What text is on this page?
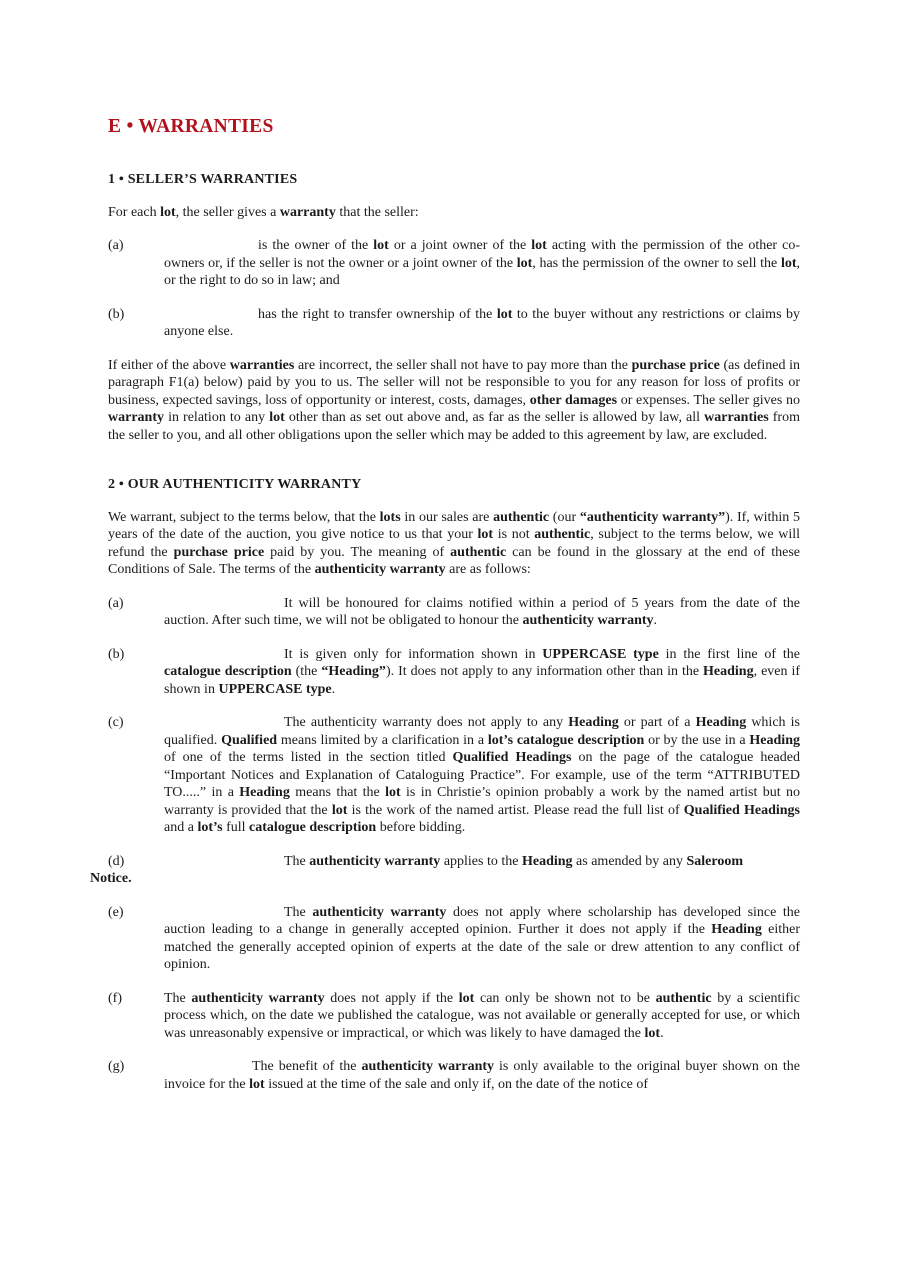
E • WARRANTIES
1 • SELLER’S WARRANTIES

For each lot, the seller gives a warranty that the seller:

(a)	is the owner of the lot or a joint owner of the lot acting with the permission of the other co-owners or, if the seller is not the owner or a joint owner of the lot, has the permission of the owner to sell the lot, or the right to do so in law; and
(b)	has the right to transfer ownership of the lot to the buyer without any restrictions or claims by anyone else.

If either of the above warranties are incorrect, the seller shall not have to pay more than the purchase price (as defined in paragraph F1(a) below) paid by you to us. The seller will not be responsible to you for any reason for loss of profits or business, expected savings, loss of opportunity or interest, costs, damages, other damages or expenses. The seller gives no warranty in relation to any lot other than as set out above and, as far as the seller is allowed by law, all warranties from the seller to you, and all other obligations upon the seller which may be added to this agreement by law, are excluded.

2 • OUR AUTHENTICITY WARRANTY

We warrant, subject to the terms below, that the lots in our sales are authentic (our “authenticity warranty”). If, within 5 years of the date of the auction, you give notice to us that your lot is not authentic, subject to the terms below, we will refund the purchase price paid by you. The meaning of authentic can be found in the glossary at the end of these Conditions of Sale. The terms of the authenticity warranty are as follows:

(a)	It will be honoured for claims notified within a period of 5 years from the date of the auction. After such time, we will not be obligated to honour the authenticity warranty.
(b)	It is given only for information shown in UPPERCASE type in the first line of the catalogue description (the “Heading”). It does not apply to any information other than in the Heading, even if shown in UPPERCASE type.
(c)	The authenticity warranty does not apply to any Heading or part of a Heading which is qualified. Qualified means limited by a clarification in a lot’s catalogue description or by the use in a Heading of one of the terms listed in the section titled Qualified Headings on the page of the catalogue headed “Important Notices and Explanation of Cataloguing Practice”. For example, use of the term “ATTRIBUTED TO.....” in a Heading means that the lot is in Christie’s opinion probably a work by the named artist but no warranty is provided that the lot is the work of the named artist. Please read the full list of Qualified Headings and a lot’s full catalogue description before bidding.
(d)	The authenticity warranty applies to the Heading as amended by any Saleroom
Notice.
(e)	The authenticity warranty does not apply where scholarship has developed since the auction leading to a change in generally accepted opinion. Further it does not apply if the Heading either matched the generally accepted opinion of experts at the date of the sale or drew attention to any conflict of opinion.
(f)	The authenticity warranty does not apply if the lot can only be shown not to be authentic by a scientific process which, on the date we published the catalogue, was not available or generally accepted for use, or which was unreasonably expensive or impractical, or which was likely to have damaged the lot.
(g)	The benefit of the authenticity warranty is only available to the original buyer shown on the invoice for the lot issued at the time of the sale and only if, on the date of the notice of
